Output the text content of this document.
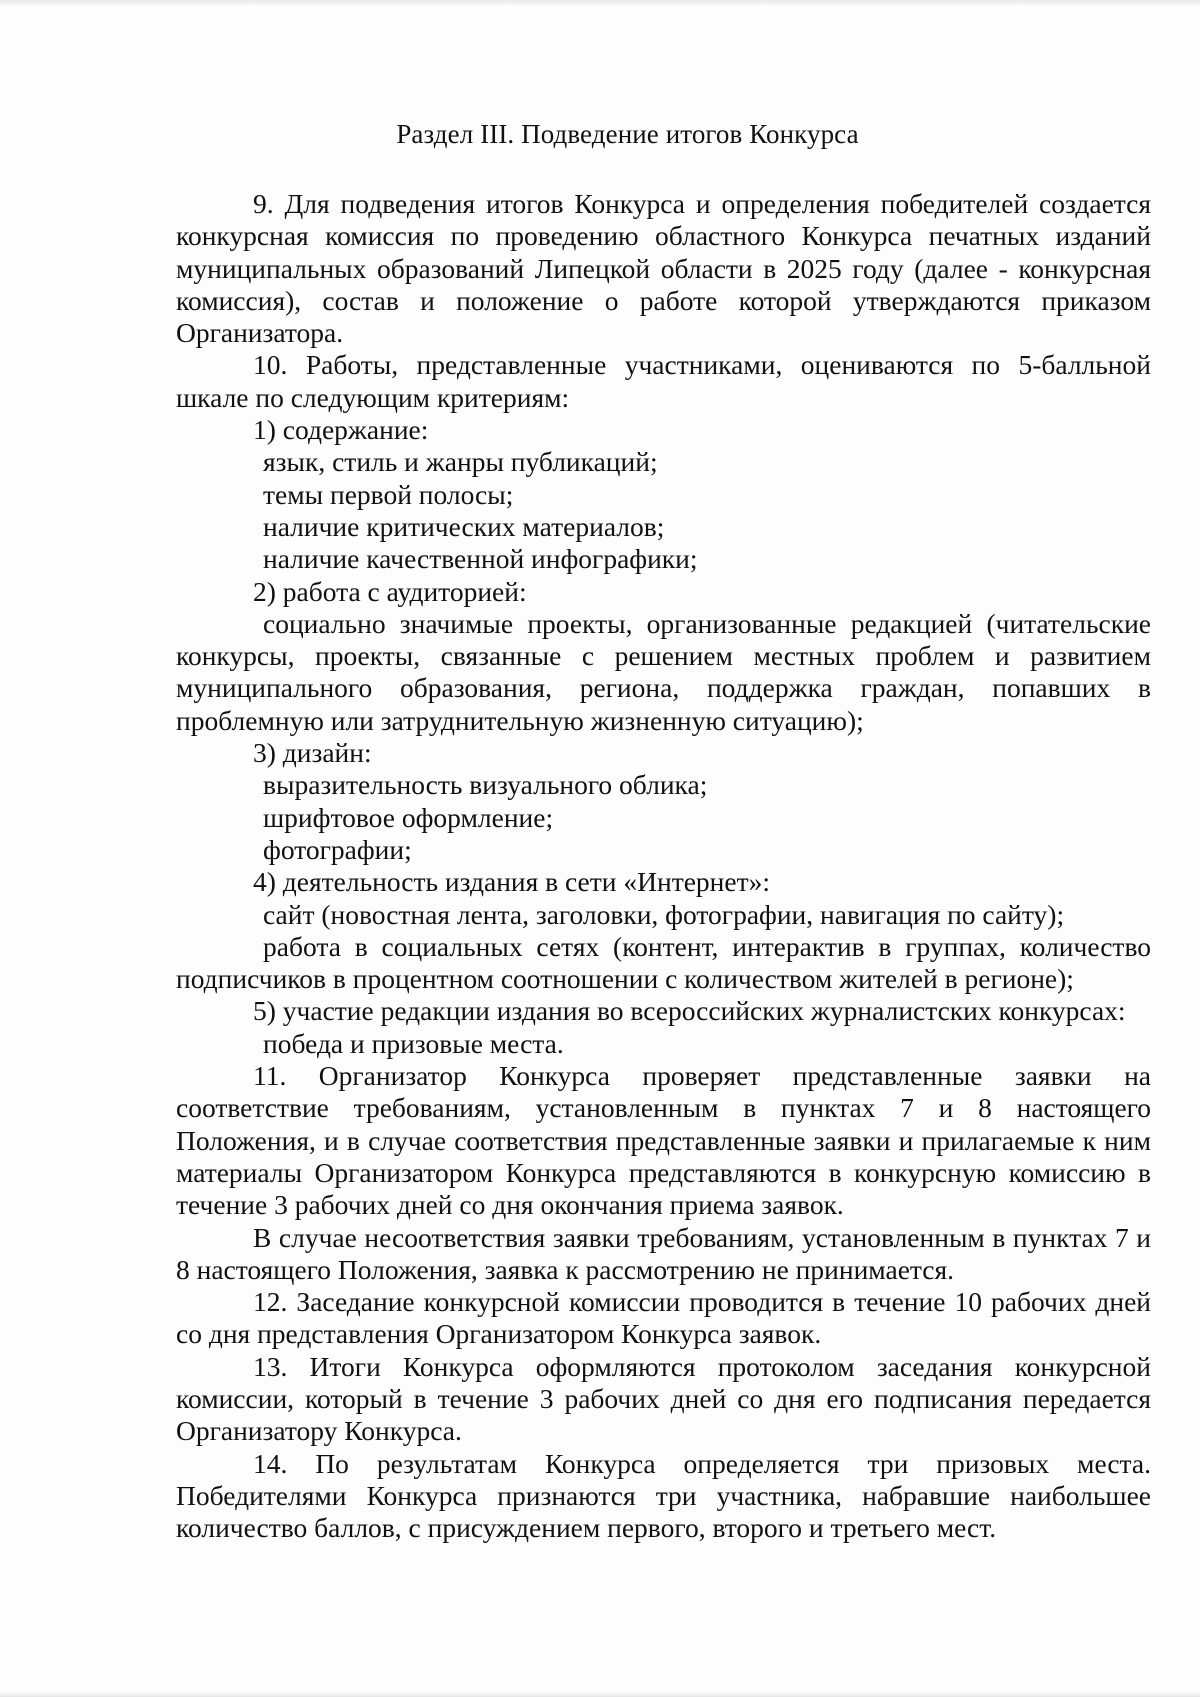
Раздел III. Подведение итогов Конкурса

9. Для подведения итогов Конкурса и определения победителей создается конкурсная комиссия по проведению областного Конкурса печатных изданий муниципальных образований Липецкой области в 2025 году (далее - конкурсная комиссия), состав и положение о работе которой утверждаются приказом Организатора.

10. Работы, представленные участниками, оцениваются по 5-балльной шкале по следующим критериям:

1) содержание:

язык, стиль и жанры публикаций;

темы первой полосы;

наличие критических материалов;

наличие качественной инфографики;

2) работа с аудиторией:

социально значимые проекты, организованные редакцией (читательские конкурсы, проекты, связанные с решением местных проблем и развитием муниципального образования, региона, поддержка граждан, попавших в проблемную или затруднительную жизненную ситуацию);

3) дизайн:

выразительность визуального облика;

шрифтовое оформление;

фотографии;

4) деятельность издания в сети «Интернет»:

сайт (новостная лента, заголовки, фотографии, навигация по сайту);

работа в социальных сетях (контент, интерактив в группах, количество подписчиков в процентном соотношении с количеством жителей в регионе);

5) участие редакции издания во всероссийских журналистских конкурсах:

победа и призовые места.

11. Организатор Конкурса проверяет представленные заявки на соответствие требованиям, установленным в пунктах 7 и 8 настоящего Положения, и в случае соответствия представленные заявки и прилагаемые к ним материалы Организатором Конкурса представляются в конкурсную комиссию в течение 3 рабочих дней со дня окончания приема заявок.

В случае несоответствия заявки требованиям, установленным в пунктах 7 и 8 настоящего Положения, заявка к рассмотрению не принимается.

12. Заседание конкурсной комиссии проводится в течение 10 рабочих дней со дня представления Организатором Конкурса заявок.

13. Итоги Конкурса оформляются протоколом заседания конкурсной комиссии, который в течение 3 рабочих дней со дня его подписания передается Организатору Конкурса.

14. По результатам Конкурса определяется три призовых места. Победителями Конкурса признаются три участника, набравшие наибольшее количество баллов, с присуждением первого, второго и третьего мест.
